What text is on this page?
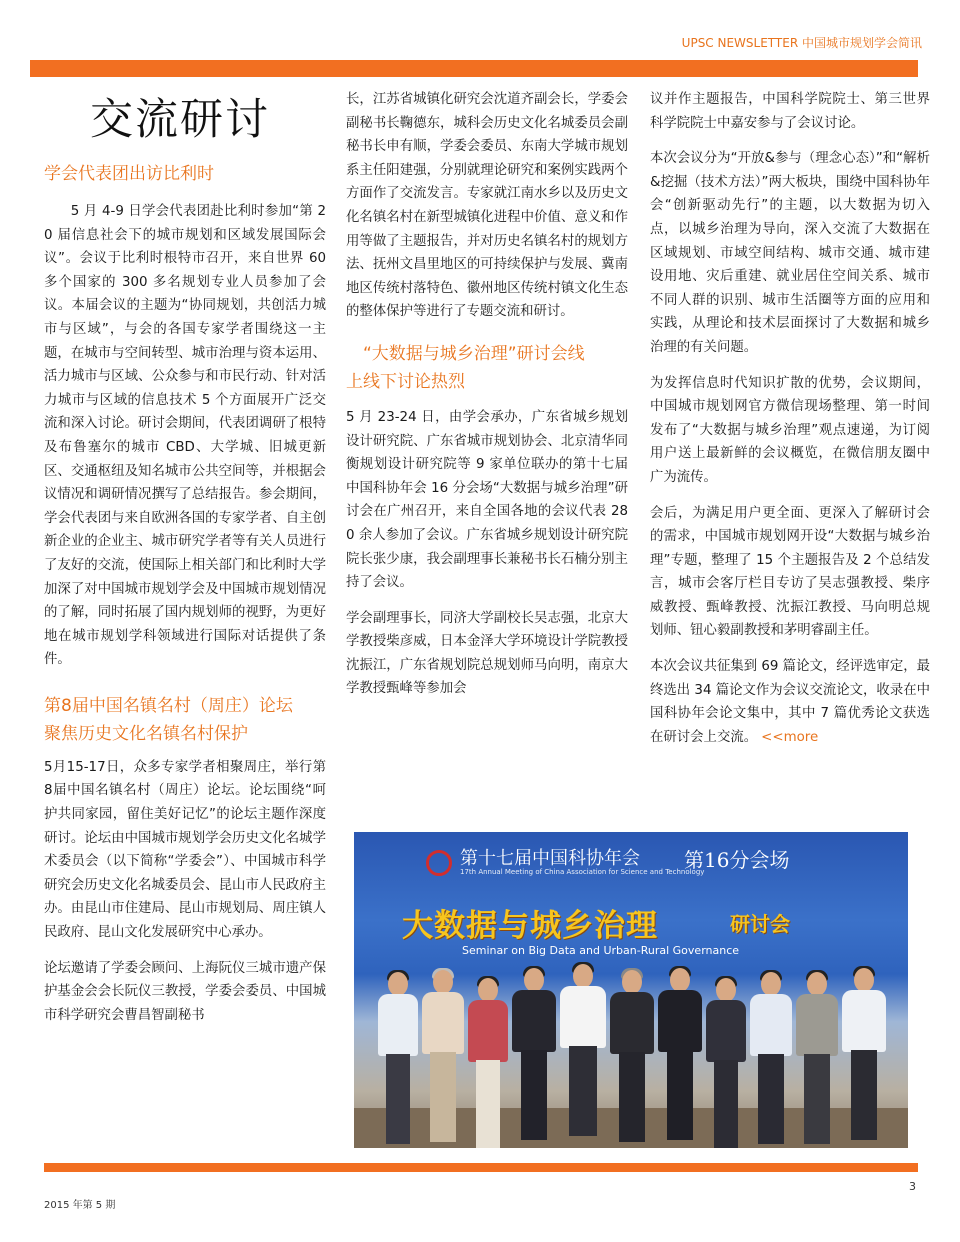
UPSC NEWSLETTER 中国城市规划学会简讯
交流研讨

学会代表团出访比利时

5 月 4-9 日学会代表团赴比利时参加“第 20 届信息社会下的城市规划和区域发展国际会议”。会议于比利时根特市召开，来自世界 60 多个国家的 300 多名规划专业人员参加了会议。本届会议的主题为“协同规划，共创活力城市与区域”，与会的各国专家学者围绕这一主题，在城市与空间转型、城市治理与资本运用、活力城市与区域、公众参与和市民行动、针对活力城市与区域的信息技术 5 个方面展开广泛交流和深入讨论。研讨会期间，代表团调研了根特及布鲁塞尔的城市 CBD、大学城、旧城更新区、交通枢纽及知名城市公共空间等，并根据会议情况和调研情况撰写了总结报告。参会期间，学会代表团与来自欧洲各国的专家学者、自主创新企业的企业主、城市研究学者等有关人员进行了友好的交流，使国际上相关部门和比利时大学加深了对中国城市规划学会及中国城市规划情况的了解，同时拓展了国内规划师的视野，为更好地在城市规划学科领域进行国际对话提供了条件。

第8届中国名镇名村（周庄）论坛

聚焦历史文化名镇名村保护

5月15-17日，众多专家学者相聚周庄，举行第8届中国名镇名村（周庄）论坛。论坛围绕“呵护共同家园，留住美好记忆”的论坛主题作深度研讨。论坛由中国城市规划学会历史文化名城学术委员会（以下简称“学委会”）、中国城市科学研究会历史文化名城委员会、昆山市人民政府主办。由昆山市住建局、昆山市规划局、周庄镇人民政府、昆山文化发展研究中心承办。

论坛邀请了学委会顾问、上海阮仪三城市遗产保护基金会会长阮仪三教授，学委会委员、中国城市科学研究会曹昌智副秘书

长，江苏省城镇化研究会沈道齐副会长，学委会副秘书长鞠德东，城科会历史文化名城委员会副秘书长申有顺，学委会委员、东南大学城市规划系主任阳建强，分别就理论研究和案例实践两个方面作了交流发言。专家就江南水乡以及历史文化名镇名村在新型城镇化进程中价值、意义和作用等做了主题报告，并对历史名镇名村的规划方法、抚州文昌里地区的可持续保护与发展、冀南地区传统村落特色、徽州地区传统村镇文化生态的整体保护等进行了专题交流和研讨。

“大数据与城乡治理”研讨会线

上线下讨论热烈

5 月 23-24 日，由学会承办，广东省城乡规划设计研究院、广东省城市规划协会、北京清华同衡规划设计研究院等 9 家单位联办的第十七届中国科协年会 16 分会场“大数据与城乡治理”研讨会在广州召开，来自全国各地的会议代表 280 余人参加了会议。广东省城乡规划设计研究院院长张少康，我会副理事长兼秘书长石楠分别主持了会议。

学会副理事长，同济大学副校长吴志强，北京大学教授柴彦威，日本金泽大学环境设计学院教授沈振江，广东省规划院总规划师马向明，南京大学教授甄峰等参加会

议并作主题报告，中国科学院院士、第三世界科学院院士中嘉安参与了会议讨论。

本次会议分为“开放&参与（理念心态）”和“解析&挖掘（技术方法）”两大板块，围绕中国科协年会“创新驱动先行”的主题，以大数据为切入点，以城乡治理为导向，深入交流了大数据在区域规划、市域空间结构、城市交通、城市建设用地、灾后重建、就业居住空间关系、城市不同人群的识别、城市生活圈等方面的应用和实践，从理论和技术层面探讨了大数据和城乡治理的有关问题。

为发挥信息时代知识扩散的优势，会议期间，中国城市规划网官方微信现场整理、第一时间发布了“大数据与城乡治理”观点速递，为订阅用户送上最新鲜的会议概览，在微信朋友圈中广为流传。

会后，为满足用户更全面、更深入了解研讨会的需求，中国城市规划网开设“大数据与城乡治理”专题，整理了 15 个主题报告及 2 个总结发言，城市会客厅栏目专访了吴志强教授、柴序威教授、甄峰教授、沈振江教授、马向明总规划师、钮心毅副教授和茅明睿副主任。

本次会议共征集到 69 篇论文，经评选审定，最终选出 34 篇论文作为会议交流论文，收录在中国科协年会论文集中，其中 7 篇优秀论文获选在研讨会上交流。 <<more

第十七届中国科协年会
17th Annual Meeting of China Association for Science and Technology
第16分会场
大数据与城乡治理	研讨会
Seminar on Big Data and Urban-Rural Governance
2015 年第 5 期
3
